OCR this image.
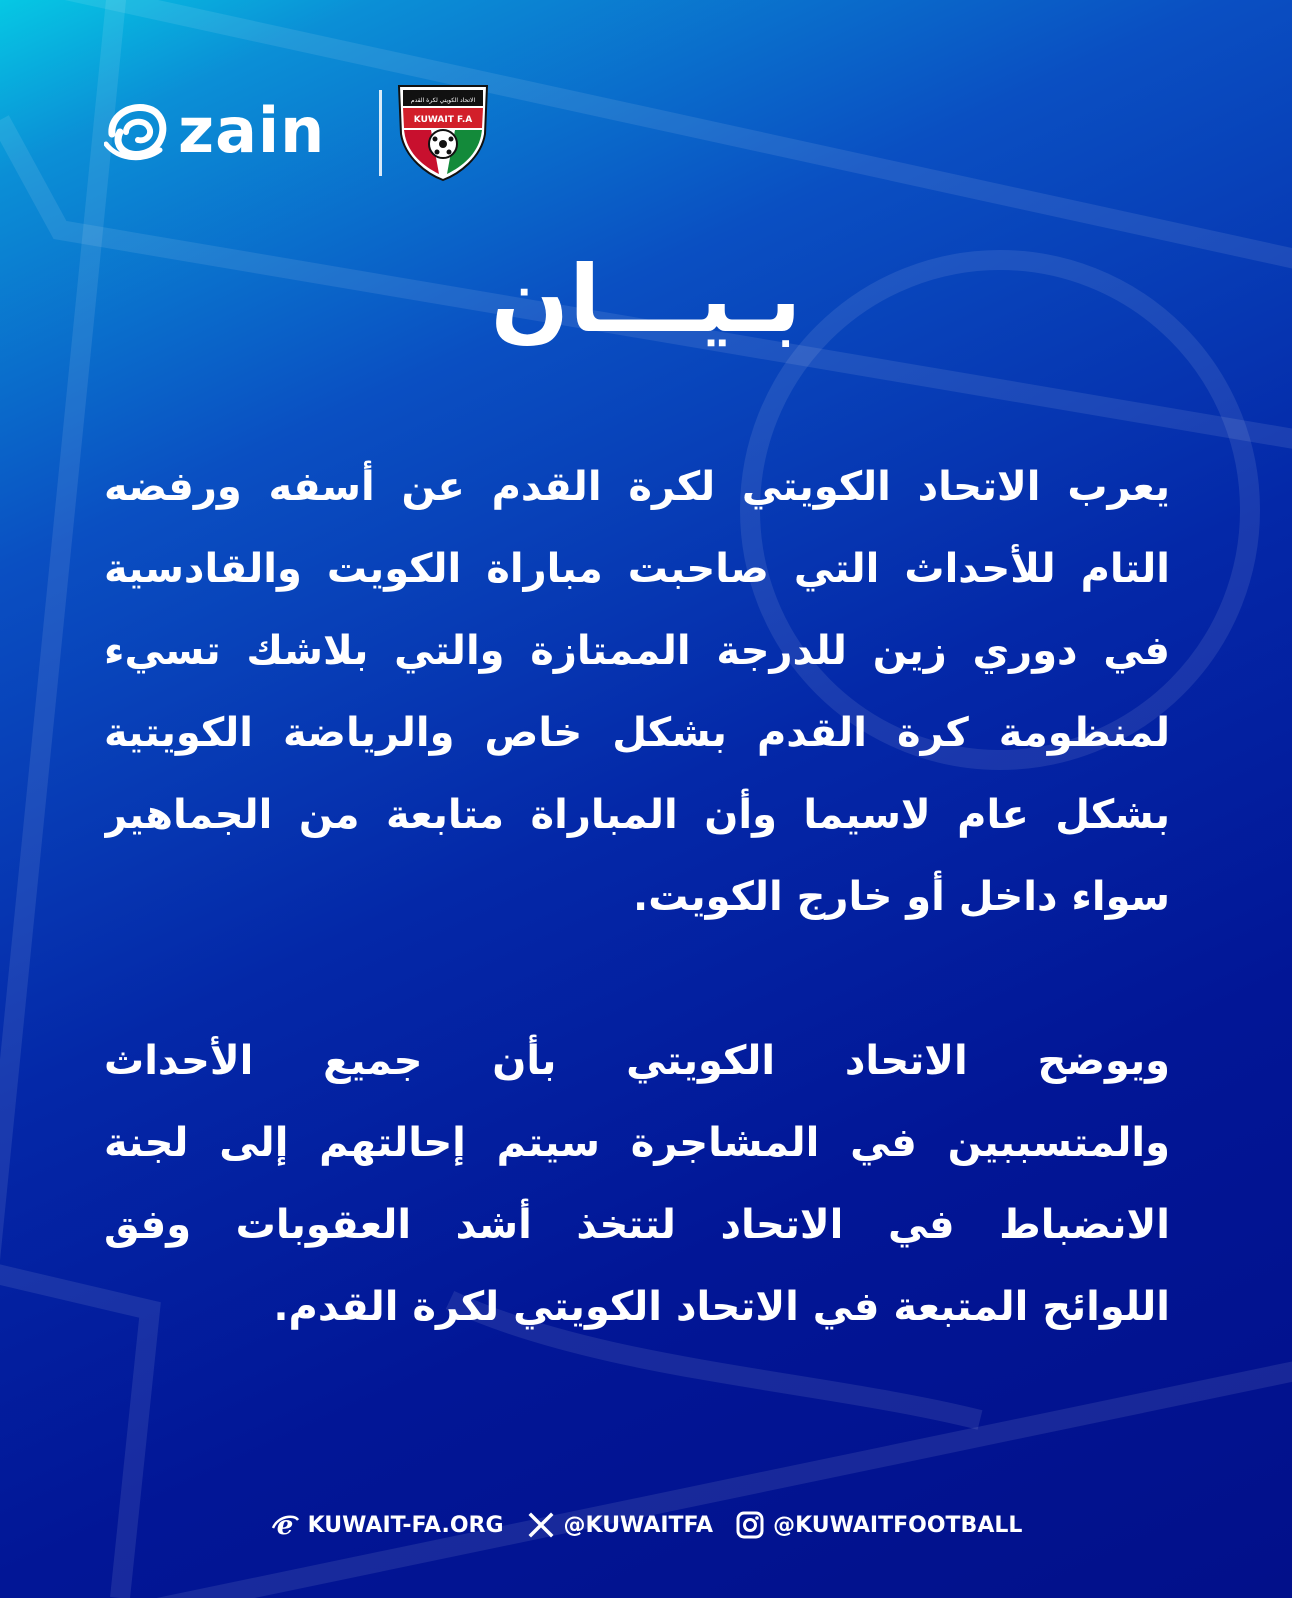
zain	الاتحاد الكويتي لكرة القدم
KUWAIT F.A
بـيـــان
يعرب الاتحاد الكويتي لكرة القدم عن أسفه ورفضه
التام للأحداث التي صاحبت مباراة الكويت والقادسية
في دوري زين للدرجة الممتازة والتي بلاشك تسيء
لمنظومة كرة القدم بشكل خاص والرياضة الكويتية
بشكل عام لاسيما وأن المباراة متابعة من الجماهير
سواء داخل أو خارج الكويت.
ويوضح الاتحاد الكويتي بأن جميع الأحداث
والمتسببين في المشاجرة سيتم إحالتهم إلى لجنة
الانضباط في الاتحاد لتتخذ أشد العقوبات وفق
اللوائح المتبعة في الاتحاد الكويتي لكرة القدم.
e KUWAIT-FA.ORG	@KUWAITFA	@KUWAITFOOTBALL
